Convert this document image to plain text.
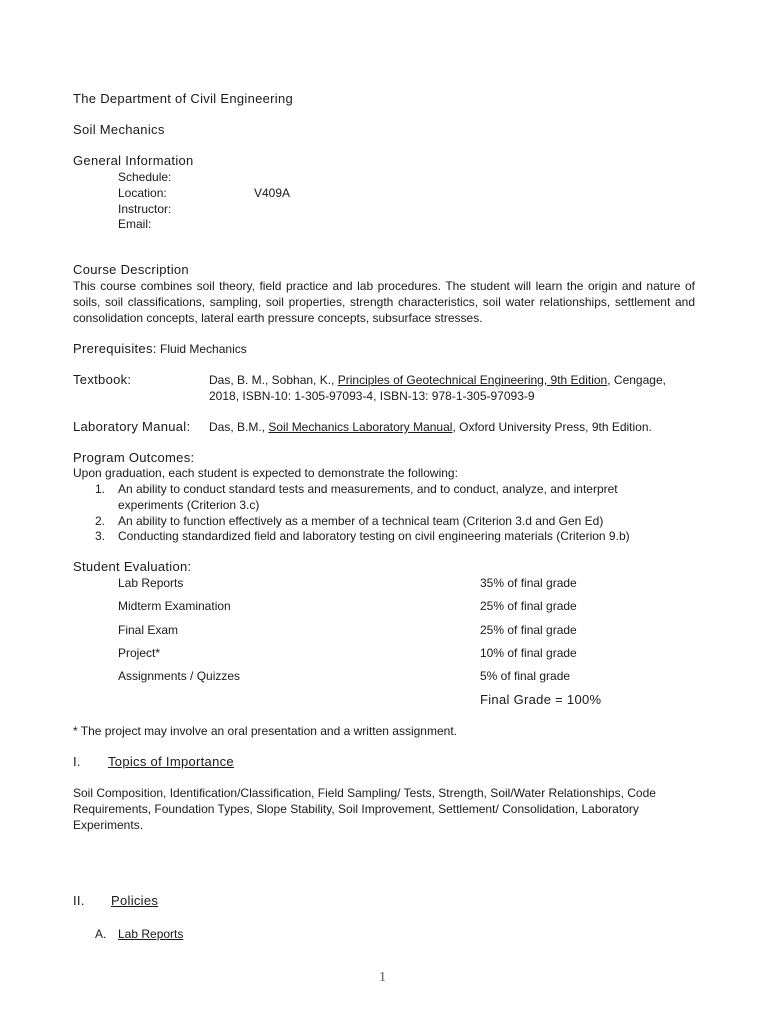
The Department of Civil Engineering
Soil Mechanics
General Information
Schedule:
Location:	V409A
Instructor:
Email:
Course Description
This course combines soil theory, field practice and lab procedures. The student will learn the origin and nature of soils, soil classifications, sampling, soil properties, strength characteristics, soil water relationships, settlement and consolidation concepts, lateral earth pressure concepts, subsurface stresses.
Prerequisites: Fluid Mechanics
Textbook:	Das, B. M., Sobhan, K., Principles of Geotechnical Engineering, 9th Edition, Cengage,
2018, ISBN-10: 1-305-97093-4, ISBN-13: 978-1-305-97093-9
Laboratory Manual: Das, B.M., Soil Mechanics Laboratory Manual, Oxford University Press, 9th Edition.
Program Outcomes:
Upon graduation, each student is expected to demonstrate the following:
1. An ability to conduct standard tests and measurements, and to conduct, analyze, and interpret
experiments (Criterion 3.c)
2. An ability to function effectively as a member of a technical team (Criterion 3.d and Gen Ed)
3. Conducting standardized field and laboratory testing on civil engineering materials (Criterion 9.b)
Student Evaluation:
Lab Reports	35% of final grade
Midterm Examination	25% of final grade
Final Exam	25% of final grade
Project*	10% of final grade
Assignments / Quizzes	5% of final grade
Final Grade = 100%
* The project may involve an oral presentation and a written assignment.
I. Topics of Importance
Soil Composition, Identification/Classification, Field Sampling/ Tests, Strength, Soil/Water Relationships, Code Requirements, Foundation Types, Slope Stability, Soil Improvement, Settlement/ Consolidation, Laboratory Experiments.
II. Policies
A. Lab Reports
1
